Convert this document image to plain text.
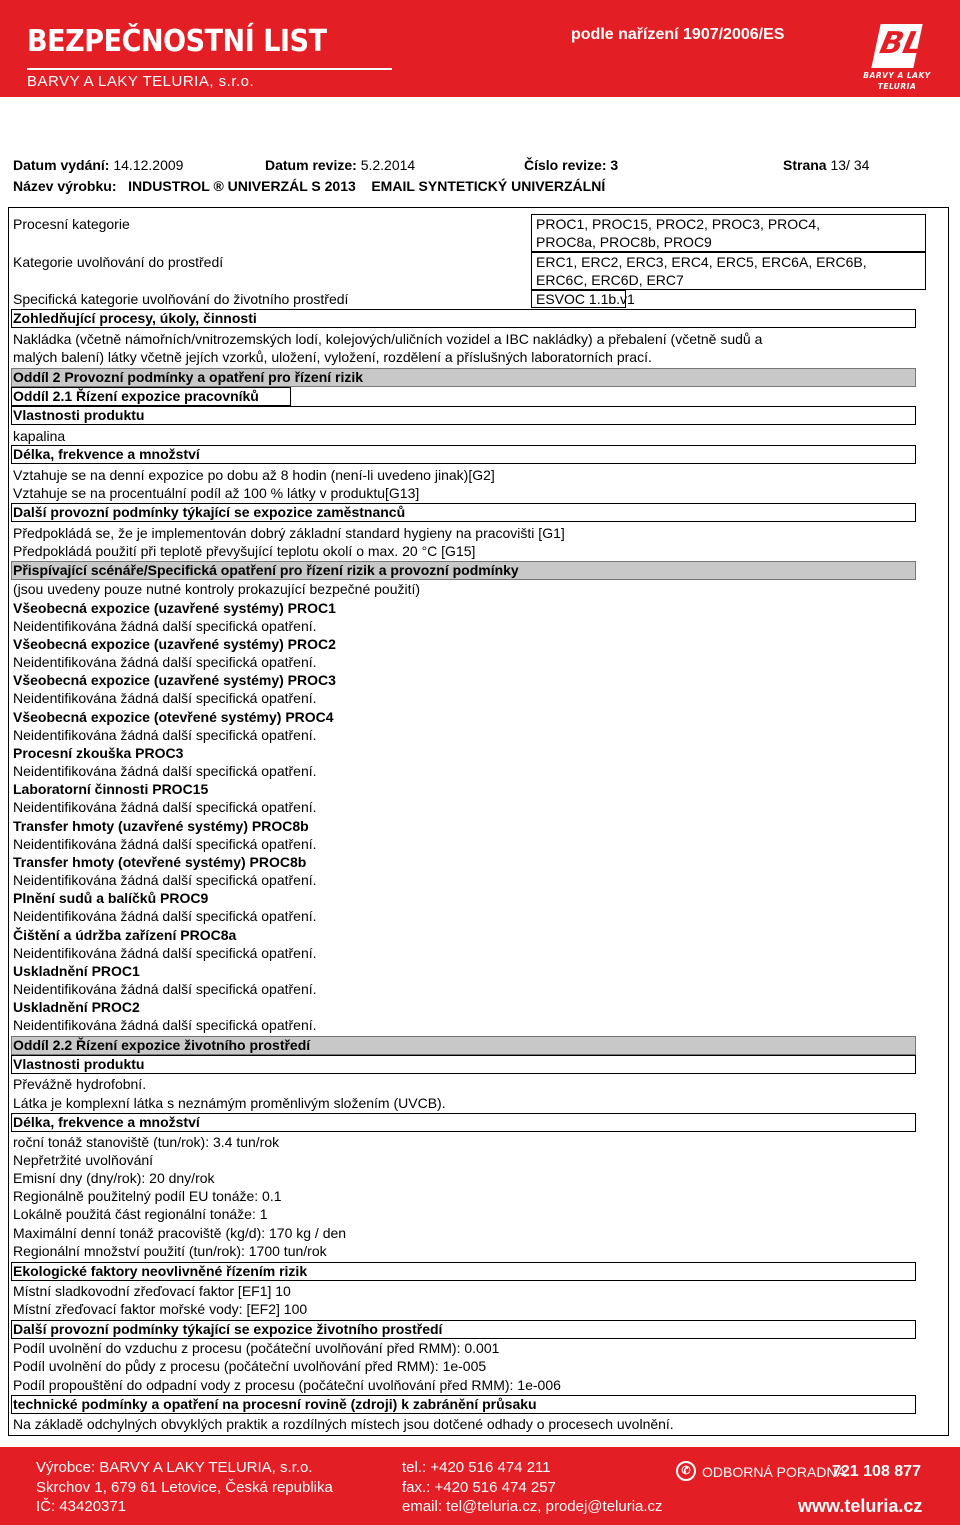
BEZPEČNOSTNÍ LIST
BARVY A LAKY TELURIA, s.r.o.
podle nařízení 1907/2006/ES	BL
BARVY A LAKY
TELURIA
Datum vydání: 14.12.2009	Datum revize: 5.2.2014	Číslo revize: 3	Strana 13/ 34
Název výrobku: INDUSTROL ® UNIVERZÁL S 2013    EMAIL SYNTETICKÝ UNIVERZÁLNÍ
Procesní kategorie	PROC1, PROC15, PROC2, PROC3, PROC4,
PROC8a, PROC8b, PROC9
Kategorie uvolňování do prostředí	ERC1, ERC2, ERC3, ERC4, ERC5, ERC6A, ERC6B,
ERC6C, ERC6D, ERC7
Specifická kategorie uvolňování do životního prostředí	ESVOC 1.1b.v1
Zohledňující procesy, úkoly, činnosti
Nakládka (včetně námořních/vnitrozemských lodí, kolejových/uličních vozidel a IBC nakládky) a přebalení (včetně sudů a
malých balení) látky včetně jejích vzorků, uložení, vyložení, rozdělení a příslušných laboratorních prací.
Oddíl 2 Provozní podmínky a opatření pro řízení rizik
Oddíl 2.1 Řízení expozice pracovníků
Vlastnosti produktu
kapalina
Délka, frekvence a množství
Vztahuje se na denní expozice po dobu až 8 hodin (není-li uvedeno jinak)[G2]
Vztahuje se na procentuální podíl až 100 % látky v produktu[G13]
Další provozní podmínky týkající se expozice zaměstnanců
Předpokládá se, že je implementován dobrý základní standard hygieny na pracovišti [G1]
Předpokládá použití při teplotě převyšující teplotu okolí o max. 20 °C [G15]
Přispívající scénáře/Specifická opatření pro řízení rizik a provozní podmínky
(jsou uvedeny pouze nutné kontroly prokazující bezpečné použití)
Všeobecná expozice (uzavřené systémy) PROC1
Neidentifikována žádná další specifická opatření.
Všeobecná expozice (uzavřené systémy) PROC2
Neidentifikována žádná další specifická opatření.
Všeobecná expozice (uzavřené systémy) PROC3
Neidentifikována žádná další specifická opatření.
Všeobecná expozice (otevřené systémy) PROC4
Neidentifikována žádná další specifická opatření.
Procesní zkouška PROC3
Neidentifikována žádná další specifická opatření.
Laboratorní činnosti PROC15
Neidentifikována žádná další specifická opatření.
Transfer hmoty (uzavřené systémy) PROC8b
Neidentifikována žádná další specifická opatření.
Transfer hmoty (otevřené systémy) PROC8b
Neidentifikována žádná další specifická opatření.
Plnění sudů a balíčků PROC9
Neidentifikována žádná další specifická opatření.
Čištění a údržba zařízení PROC8a
Neidentifikována žádná další specifická opatření.
Uskladnění PROC1
Neidentifikována žádná další specifická opatření.
Uskladnění PROC2
Neidentifikována žádná další specifická opatření.
Oddíl 2.2 Řízení expozice životního prostředí
Vlastnosti produktu
Převážně hydrofobní.
Látka je komplexní látka s neznámým proměnlivým složením (UVCB).
Délka, frekvence a množství
roční tonáž stanoviště (tun/rok): 3.4 tun/rok
Nepřetržité uvolňování
Emisní dny (dny/rok): 20 dny/rok
Regionálně použitelný podíl EU tonáže: 0.1
Lokálně použitá část regionální tonáže: 1
Maximální denní tonáž pracoviště (kg/d): 170 kg / den
Regionální množství použití (tun/rok): 1700 tun/rok
Ekologické faktory neovlivněné řízením rizik
Místní sladkovodní zřeďovací faktor [EF1] 10
Místní zřeďovací faktor mořské vody: [EF2] 100
Další provozní podmínky týkající se expozice životního prostředí
Podíl uvolnění do vzduchu z procesu (počáteční uvolňování před RMM): 0.001
Podíl uvolnění do půdy z procesu (počáteční uvolňování před RMM): 1e-005
Podíl propouštění do odpadní vody z procesu (počáteční uvolňování před RMM): 1e-006
technické podmínky a opatření na procesní rovině (zdroji) k zabránění průsaku
Na základě odchylných obvyklých praktik a rozdílných místech jsou dotčené odhady o procesech uvolnění.
Výrobce: BARVY A LAKY TELURIA, s.r.o.
Skrchov 1, 679 61 Letovice, Česká republika
IČ: 43420371
tel.: +420 516 474 211
fax.: +420 516 474 257
email: tel@teluria.cz, prodej@teluria.cz
✆ ODBORNÁ PORADNA
721 108 877
www.teluria.cz
